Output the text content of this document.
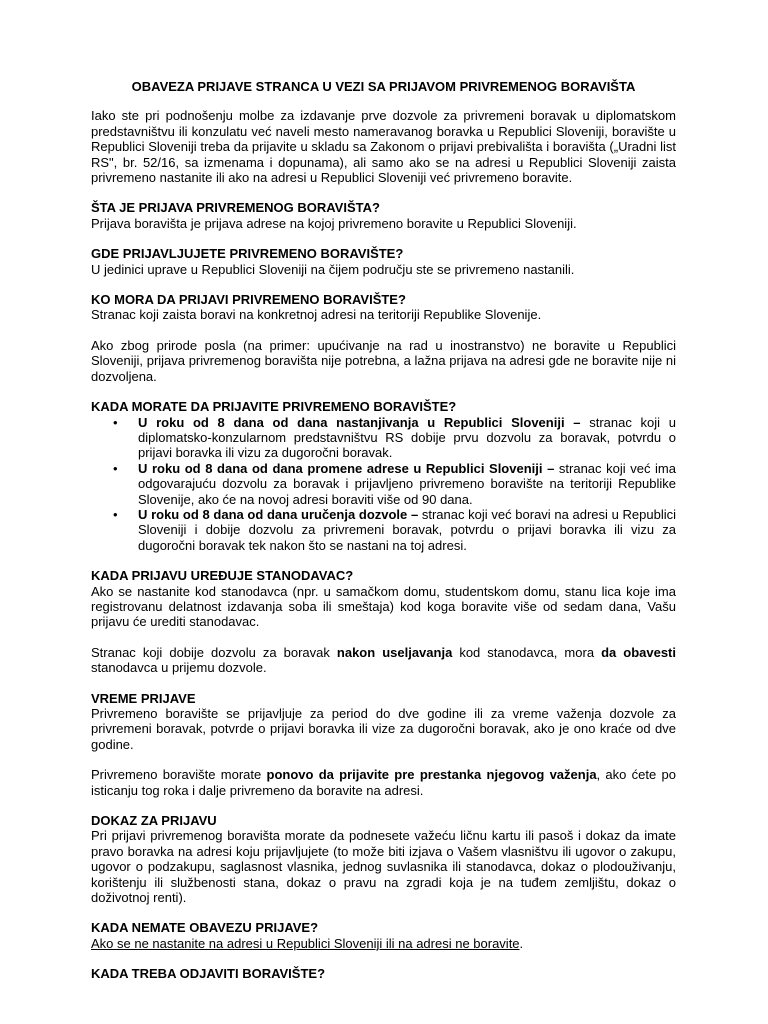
OBAVEZA PRIJAVE STRANCA U VEZI SA PRIJAVOM PRIVREMENOG BORAVIŠTA

Iako ste pri podnošenju molbe za izdavanje prve dozvole za privremeni boravak u diplomatskom predstavništvu ili konzulatu već naveli mesto nameravanog boravka u Republici Sloveniji, boravište u Republici Sloveniji treba da prijavite u skladu sa Zakonom o prijavi prebivališta i boravišta („Uradni list RS", br. 52/16, sa izmenama i dopunama), ali samo ako se na adresi u Republici Sloveniji zaista privremeno nastanite ili ako na adresi u Republici Sloveniji već privremeno boravite.

ŠTA JE PRIJAVA PRIVREMENOG BORAVIŠTA?

Prijava boravišta je prijava adrese na kojoj privremeno boravite u Republici Sloveniji.

GDE PRIJAVLJUJETE PRIVREMENO BORAVIŠTE?

U jedinici uprave u Republici Sloveniji na čijem području ste se privremeno nastanili.

KO MORA DA PRIJAVI PRIVREMENO BORAVIŠTE?

Stranac koji zaista boravi na konkretnoj adresi na teritoriji Republike Slovenije.

Ako zbog prirode posla (na primer: upućivanje na rad u inostranstvo) ne boravite u Republici Sloveniji, prijava privremenog boravišta nije potrebna, a lažna prijava na adresi gde ne boravite nije ni dozvoljena.

KADA MORATE DA PRIJAVITE PRIVREMENO BORAVIŠTE?

• U roku od 8 dana od dana nastanjivanja u Republici Sloveniji – stranac koji u diplomatsko-konzularnom predstavništvu RS dobije prvu dozvolu za boravak, potvrdu o prijavi boravka ili vizu za dugoročni boravak.
• U roku od 8 dana od dana promene adrese u Republici Sloveniji – stranac koji već ima odgovarajuću dozvolu za boravak i prijavljeno privremeno boravište na teritoriji Republike Slovenije, ako će na novoj adresi boraviti više od 90 dana.
• U roku od 8 dana od dana uručenja dozvole – stranac koji već boravi na adresi u Republici Sloveniji i dobije dozvolu za privremeni boravak, potvrdu o prijavi boravka ili vizu za dugoročni boravak tek nakon što se nastani na toj adresi.

KADA PRIJAVU UREĐUJE STANODAVAC?

Ako se nastanite kod stanodavca (npr. u samačkom domu, studentskom domu, stanu lica koje ima registrovanu delatnost izdavanja soba ili smeštaja) kod koga boravite više od sedam dana, Vašu prijavu će urediti stanodavac.

Stranac koji dobije dozvolu za boravak nakon useljavanja kod stanodavca, mora da obavesti stanodavca u prijemu dozvole.

VREME PRIJAVE

Privremeno boravište se prijavljuje za period do dve godine ili za vreme važenja dozvole za privremeni boravak, potvrde o prijavi boravka ili vize za dugoročni boravak, ako je ono kraće od dve godine.

Privremeno boravište morate ponovo da prijavite pre prestanka njegovog važenja, ako ćete po isticanju tog roka i dalje privremeno da boravite na adresi.

DOKAZ ZA PRIJAVU

Pri prijavi privremenog boravišta morate da podnesete važeću ličnu kartu ili pasoš i dokaz da imate pravo boravka na adresi koju prijavljujete (to može biti izjava o Vašem vlasništvu ili ugovor o zakupu, ugovor o podzakupu, saglasnost vlasnika, jednog suvlasnika ili stanodavca, dokaz o plodouživanju, korištenju ili službenosti stana, dokaz o pravu na zgradi koja je na tuđem zemljištu, dokaz o doživotnoj renti).

KADA NEMATE OBAVEZU PRIJAVE?

Ako se ne nastanite na adresi u Republici Sloveniji ili na adresi ne boravite.

KADA TREBA ODJAVITI BORAVIŠTE?
